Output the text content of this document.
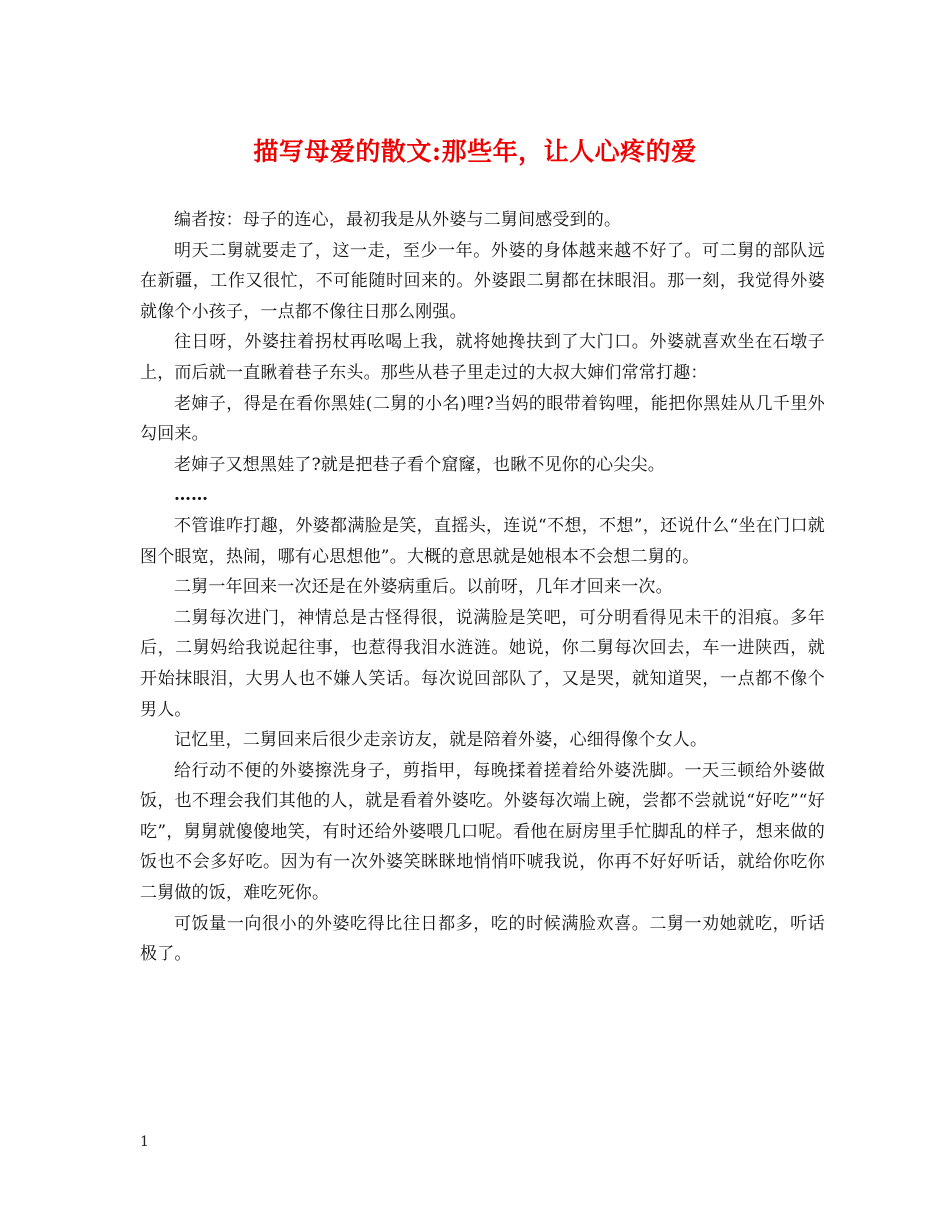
描写母爱的散文:那些年，让人心疼的爱

编者按：母子的连心，最初我是从外婆与二舅间感受到的。

明天二舅就要走了，这一走，至少一年。外婆的身体越来越不好了。可二舅的部队远在新疆，工作又很忙，不可能随时回来的。外婆跟二舅都在抹眼泪。那一刻，我觉得外婆就像个小孩子，一点都不像往日那么刚强。

往日呀，外婆拄着拐杖再吆喝上我，就将她搀扶到了大门口。外婆就喜欢坐在石墩子上，而后就一直瞅着巷子东头。那些从巷子里走过的大叔大婶们常常打趣：

老婶子，得是在看你黑娃(二舅的小名)哩?当妈的眼带着钩哩，能把你黑娃从几千里外勾回来。

老婶子又想黑娃了?就是把巷子看个窟窿，也瞅不见你的心尖尖。

……

不管谁咋打趣，外婆都满脸是笑，直摇头，连说“不想，不想”，还说什么“坐在门口就图个眼宽，热闹，哪有心思想他”。大概的意思就是她根本不会想二舅的。

二舅一年回来一次还是在外婆病重后。以前呀，几年才回来一次。

二舅每次进门，神情总是古怪得很，说满脸是笑吧，可分明看得见未干的泪痕。多年后，二舅妈给我说起往事，也惹得我泪水涟涟。她说，你二舅每次回去，车一进陕西，就开始抹眼泪，大男人也不嫌人笑话。每次说回部队了，又是哭，就知道哭，一点都不像个男人。

记忆里，二舅回来后很少走亲访友，就是陪着外婆，心细得像个女人。

给行动不便的外婆擦洗身子，剪指甲，每晚揉着搓着给外婆洗脚。一天三顿给外婆做饭，也不理会我们其他的人，就是看着外婆吃。外婆每次端上碗，尝都不尝就说“好吃”“好吃”，舅舅就傻傻地笑，有时还给外婆喂几口呢。看他在厨房里手忙脚乱的样子，想来做的饭也不会多好吃。因为有一次外婆笑眯眯地悄悄吓唬我说，你再不好好听话，就给你吃你二舅做的饭，难吃死你。

可饭量一向很小的外婆吃得比往日都多，吃的时候满脸欢喜。二舅一劝她就吃，听话极了。

1
